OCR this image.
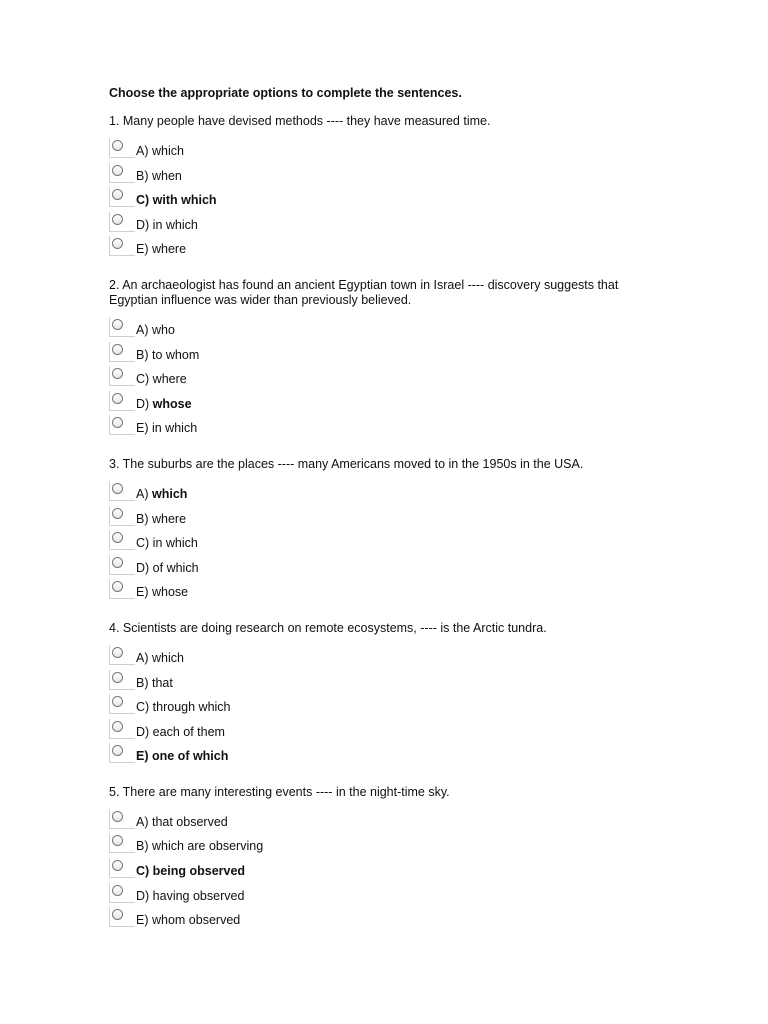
Choose the appropriate options to complete the sentences.

1. Many people have devised methods ---- they have measured time.

A) which
B) when
C) with which
D) in which
E) where

2. An archaeologist has found an ancient Egyptian town in Israel ---- discovery suggests that Egyptian influence was wider than previously believed.

A) who
B) to whom
C) where
D) whose
E) in which

3. The suburbs are the places ---- many Americans moved to in the 1950s in the USA.

A) which
B) where
C) in which
D) of which
E) whose

4. Scientists are doing research on remote ecosystems, ---- is the Arctic tundra.

A) which
B) that
C) through which
D) each of them
E) one of which

5. There are many interesting events ---- in the night-time sky.

A) that observed
B) which are observing
C) being observed
D) having observed
E) whom observed
